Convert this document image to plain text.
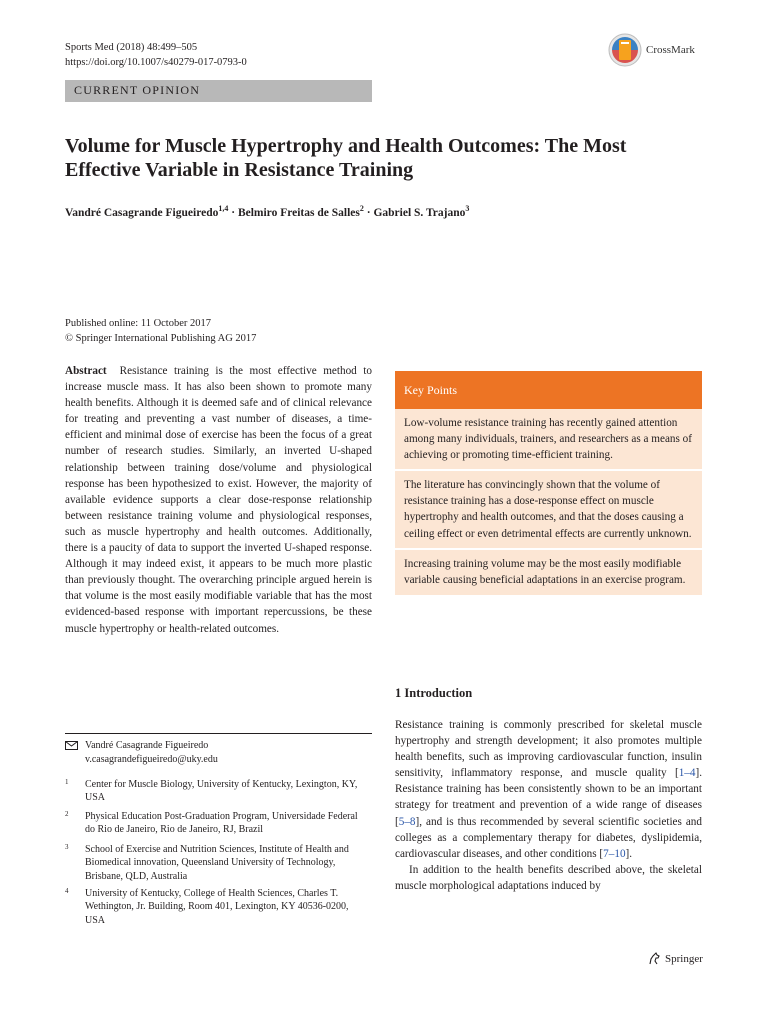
Sports Med (2018) 48:499–505
https://doi.org/10.1007/s40279-017-0793-0
CrossMark
CURRENT OPINION
Volume for Muscle Hypertrophy and Health Outcomes: The Most Effective Variable in Resistance Training
Vandré Casagrande Figueiredo$^{1,4}$ · Belmiro Freitas de Salles$^2$ · Gabriel S. Trajano$^3$
Published online: 11 October 2017
© Springer International Publishing AG 2017
Abstract Resistance training is the most effective method to increase muscle mass. It has also been shown to promote many health benefits. Although it is deemed safe and of clinical relevance for treating and preventing a vast number of diseases, a time-efficient and minimal dose of exercise has been the focus of a great number of research studies. Similarly, an inverted U-shaped relationship between training dose/volume and physiological response has been hypothesized to exist. However, the majority of available evidence supports a clear dose-response relationship between resistance training volume and physiological responses, such as muscle hypertrophy and health outcomes. Additionally, there is a paucity of data to support the inverted U-shaped response. Although it may indeed exist, it appears to be much more plastic than previously thought. The overarching principle argued herein is that volume is the most easily modifiable variable that has the most evidenced-based response with important repercussions, be these muscle hypertrophy or health-related outcomes.
Key Points
Low-volume resistance training has recently gained attention among many individuals, trainers, and researchers as a means of achieving or promoting time-efficient training.
The literature has convincingly shown that the volume of resistance training has a dose-response effect on muscle hypertrophy and health outcomes, and that the doses causing a ceiling effect or even detrimental effects are currently unknown.
Increasing training volume may be the most easily modifiable variable causing beneficial adaptations in an exercise program.
Vandré Casagrande Figueiredo
v.casagrandefigueiredo@uky.edu
1	Center for Muscle Biology, University of Kentucky, Lexington, KY, USA
2	Physical Education Post-Graduation Program, Universidade Federal do Rio de Janeiro, Rio de Janeiro, RJ, Brazil
3	School of Exercise and Nutrition Sciences, Institute of Health and Biomedical innovation, Queensland University of Technology, Brisbane, QLD, Australia
4	University of Kentucky, College of Health Sciences, Charles T. Wethington, Jr. Building, Room 401, Lexington, KY 40536-0200, USA
1 Introduction
Resistance training is commonly prescribed for skeletal muscle hypertrophy and strength development; it also promotes multiple health benefits, such as improving cardiovascular function, insulin sensitivity, inflammatory response, and muscle quality [1–4]. Resistance training has been consistently shown to be an important strategy for treatment and prevention of a wide range of diseases [5–8], and is thus recommended by several scientific societies and colleges as a complementary therapy for diabetes, dyslipidemia, cardiovascular diseases, and other conditions [7–10].
In addition to the health benefits described above, the skeletal muscle morphological adaptations induced by
Springer
